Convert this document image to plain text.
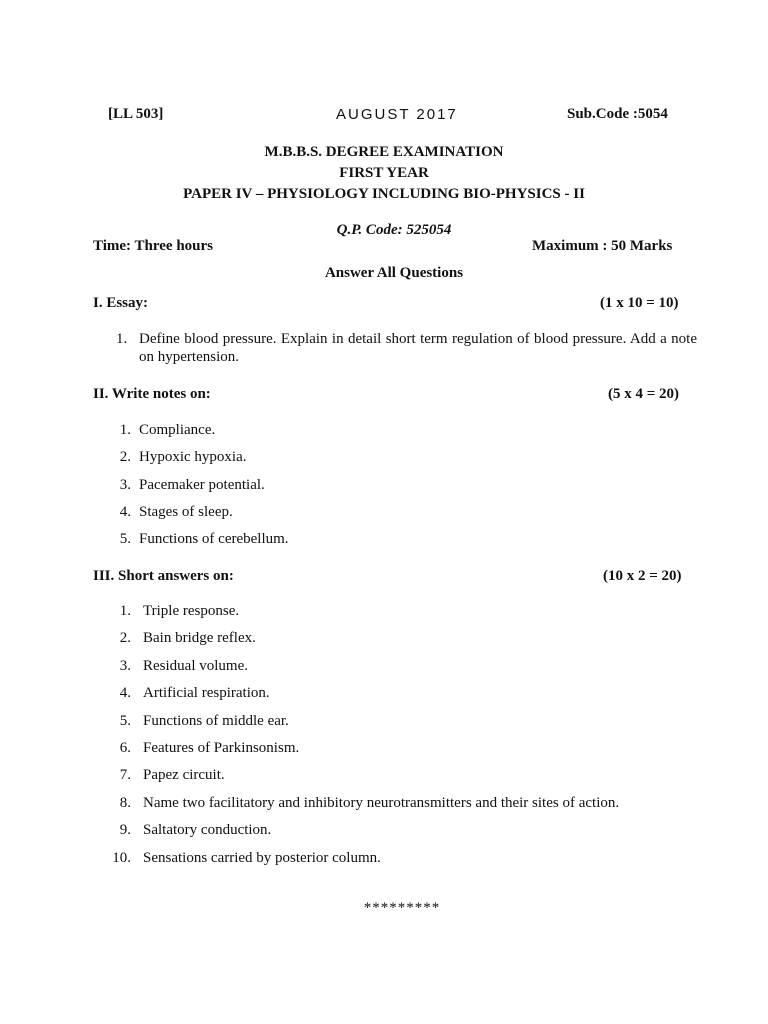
[LL 503]	AUGUST 2017	Sub.Code :5054
M.B.B.S. DEGREE EXAMINATION
FIRST YEAR
PAPER IV – PHYSIOLOGY INCLUDING BIO-PHYSICS - II
Q.P. Code: 525054
Time: Three hours	Maximum : 50 Marks
Answer All Questions
I. Essay:	(1 x 10 = 10)
1. Define blood pressure. Explain in detail short term regulation of blood pressure. Add a note on hypertension.
II. Write notes on:	(5 x 4 = 20)
1. Compliance.
2. Hypoxic hypoxia.
3. Pacemaker potential.
4. Stages of sleep.
5. Functions of cerebellum.
III. Short answers on:	(10 x 2 = 20)
1. Triple response.
2. Bain bridge reflex.
3. Residual volume.
4. Artificial respiration.
5. Functions of middle ear.
6. Features of Parkinsonism.
7. Papez circuit.
8. Name two facilitatory and inhibitory neurotransmitters and their sites of action.
9. Saltatory conduction.
10. Sensations carried by posterior column.
*********
